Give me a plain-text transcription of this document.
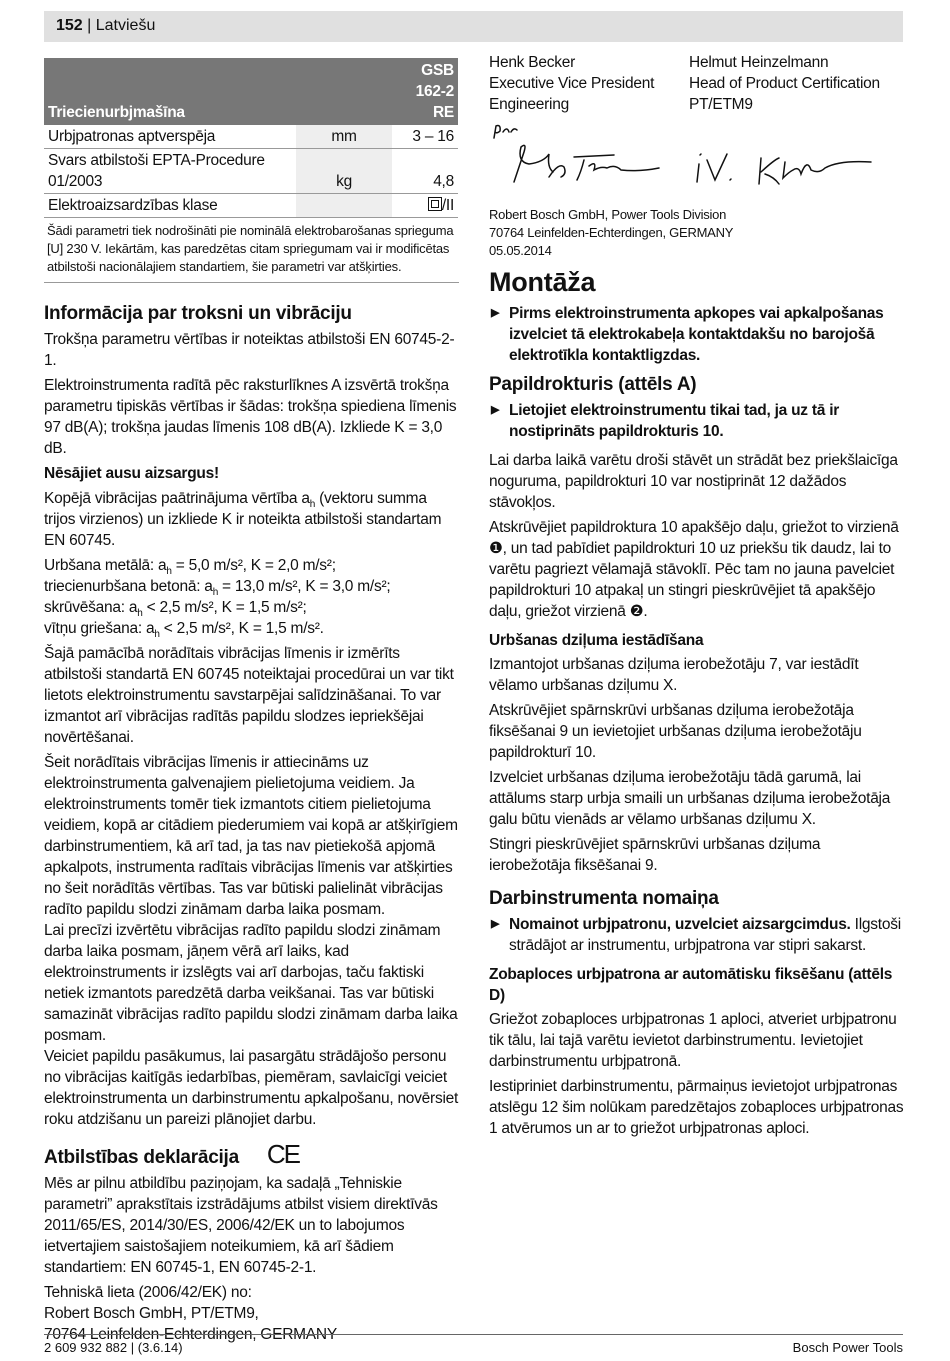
152 | Latviešu
Triecienurbjmašīna		GSB 162-2 RE
Urbjpatronas aptverspēja	mm	3 – 16
Svars atbilstoši EPTA-Procedure 01/2003	kg	4,8
Elektroaizsardzības klase		/II
Šādi parametri tiek nodrošināti pie nominālā elektrobarošanas sprieguma [U] 230 V. Iekārtām, kas paredzētas citam spriegumam vai ir modificētas atbilstoši nacionālajiem standartiem, šie parametri var atšķirties.
Informācija par troksni un vibrāciju

Trokšņa parametru vērtības ir noteiktas atbilstoši EN 60745-2-1.

Elektroinstrumenta radītā pēc raksturlīknes A izsvērtā trokšņa parametru tipiskās vērtības ir šādas: trokšņa spiediena līmenis 97 dB(A); trokšņa jaudas līmenis 108 dB(A). Izkliede K = 3,0 dB.

Nēsājiet ausu aizsargus!

Kopējā vibrācijas paātrinājuma vērtība $a_h$ (vektoru summa trijos virzienos) un izkliede K ir noteikta atbilstoši standartam EN 60745.

Urbšana metālā: $a_h = 5,0$ m/s², K = 2,0 m/s²;
triecienurbšana betonā: $a_h = 13,0$ m/s², K = 3,0 m/s²;
skrūvēšana: $a_h < 2,5$ m/s², K = 1,5 m/s²;
vītņu griešana: $a_h < 2,5$ m/s², K = 1,5 m/s².

Šajā pamācībā norādītais vibrācijas līmenis ir izmērīts atbilstoši standartā EN 60745 noteiktajai procedūrai un var tikt lietots elektroinstrumentu savstarpējai salīdzināšanai. To var izmantot arī vibrācijas radītās papildu slodzes iepriekšējai novērtēšanai.

Šeit norādītais vibrācijas līmenis ir attiecināms uz elektroinstrumenta galvenajiem pielietojuma veidiem. Ja elektroinstruments tomēr tiek izmantots citiem pielietojuma veidiem, kopā ar citādiem piederumiem vai kopā ar atšķirīgiem darbinstrumentiem, kā arī tad, ja tas nav pietiekošā apjomā apkalpots, instrumenta radītais vibrācijas līmenis var atšķirties no šeit norādītās vērtības. Tas var būtiski palielināt vibrācijas radīto papildu slodzi zināmam darba laika posmam.

Lai precīzi izvērtētu vibrācijas radīto papildu slodzi zināmam darba laika posmam, jāņem vērā arī laiks, kad elektroinstruments ir izslēgts vai arī darbojas, taču faktiski netiek izmantots paredzētā darba veikšanai. Tas var būtiski samazināt vibrācijas radīto papildu slodzi zināmam darba laika posmam.

Veiciet papildu pasākumus, lai pasargātu strādājošo personu no vibrācijas kaitīgās iedarbības, piemēram, savlaicīgi veiciet elektroinstrumenta un darbinstrumentu apkalpošanu, novērsiet roku atdzišanu un pareizi plānojiet darbu.

Atbilstības deklarācija CE

Mēs ar pilnu atbildību paziņojam, ka sadaļā „Tehniskie parametri” aprakstītais izstrādājums atbilst visiem direktīvās 2011/65/ES, 2014/30/ES, 2006/42/EK un to labojumos ietvertajiem saistošajiem noteikumiem, kā arī šādiem standartiem: EN 60745-1, EN 60745-2-1.

Tehniskā lieta (2006/42/EK) no:
Robert Bosch GmbH, PT/ETM9,
70764 Leinfelden-Echterdingen, GERMANY
Henk Becker
Executive Vice President
Engineering
Helmut Heinzelmann
Head of Product Certification
PT/ETM9
Robert Bosch GmbH, Power Tools Division
70764 Leinfelden-Echterdingen, GERMANY
05.05.2014
Montāža

▶ Pirms elektroinstrumenta apkopes vai apkalpošanas izvelciet tā elektrokabeļa kontaktdakšu no barojošā elektrotīkla kontaktligzdas.

Papildrokturis (attēls A)

▶ Lietojiet elektroinstrumentu tikai tad, ja uz tā ir nostiprināts papildrokturis 10.

Lai darba laikā varētu droši stāvēt un strādāt bez priekšlaicīga noguruma, papildrokturi 10 var nostiprināt 12 dažādos stāvokļos.

Atskrūvējiet papildroktura 10 apakšējo daļu, griežot to virzienā ❶, un tad pabīdiet papildrokturi 10 uz priekšu tik daudz, lai to varētu pagriezt vēlamajā stāvoklī. Pēc tam no jauna pavelciet papildrokturi 10 atpakaļ un stingri pieskrūvējiet tā apakšējo daļu, griežot virzienā ❷.

Urbšanas dziļuma iestādīšana

Izmantojot urbšanas dziļuma ierobežotāju 7, var iestādīt vēlamo urbšanas dziļumu X.

Atskrūvējiet spārnskrūvi urbšanas dziļuma ierobežotāja fiksēšanai 9 un ievietojiet urbšanas dziļuma ierobežotāju papildrokturī 10.

Izvelciet urbšanas dziļuma ierobežotāju tādā garumā, lai attālums starp urbja smaili un urbšanas dziļuma ierobežotāja galu būtu vienāds ar vēlamo urbšanas dziļumu X.

Stingri pieskrūvējiet spārnskrūvi urbšanas dziļuma ierobežotāja fiksēšanai 9.

Darbinstrumenta nomaiņa

▶ Nomainot urbjpatronu, uzvelciet aizsargcimdus. Ilgstoši strādājot ar instrumentu, urbjpatrona var stipri sakarst.

Zobaploces urbjpatrona ar automātisku fiksēšanu (attēls D)

Griežot zobaploces urbjpatronas 1 aploci, atveriet urbjpatronu tik tālu, lai tajā varētu ievietot darbinstrumentu. Ievietojiet darbinstrumentu urbjpatronā.

Iestipriniet darbinstrumentu, pārmaiņus ievietojot urbjpatronas atslēgu 12 šim nolūkam paredzētajos zobaploces urbjpatronas 1 atvērumos un ar to griežot urbjpatronas aploci.

2 609 932 882 | (3.6.14)	Bosch Power Tools
